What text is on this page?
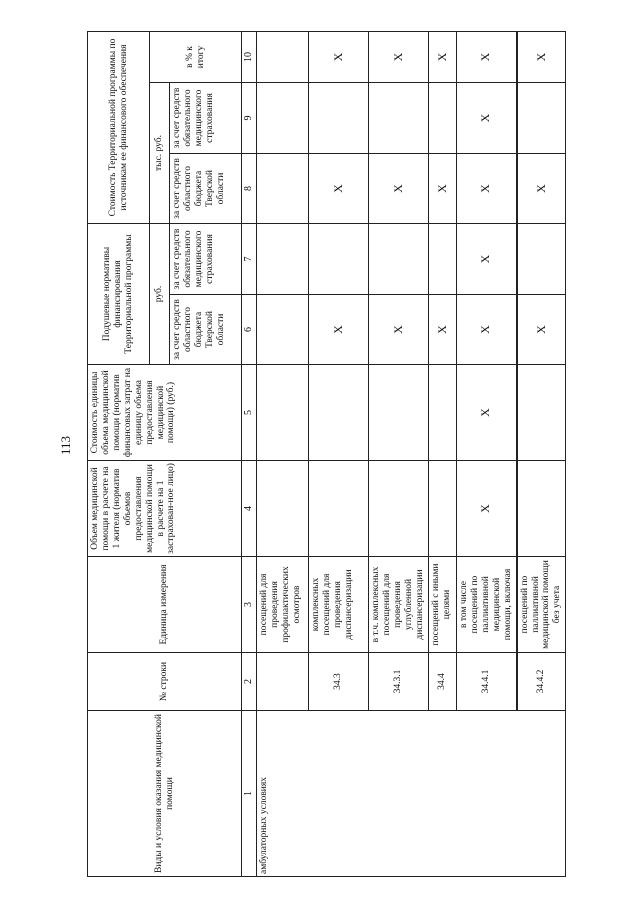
113
Виды и условия оказания медицинской помощи	№ строки	Единица измерения	Объем медицинской помощи в расчете на 1 жителя (норматив объемов предоставления медицинской помощи в расчете на 1 застрахован-ное лицо)	Стоимость единицы объема медицинской помощи (норматив финансовых затрат на единицу объема предоставления медицинской помощи) (руб.)	Подушевые нормативы финансирования Территориальной программы		Стоимость Территориальной программы по источникам ее финансового обеспечения		
					руб.		тыс. руб.		в % к итогу
					за счет средств областного бюджета Тверской области	за счет средств обязательного медицинского страхования	за счет средств областного бюджета Тверской области	за счет средств обязательного медицинского страхования	
1	2	3	4	5	6	7	8	9	10
амбулаторных условиях		посещений для проведения профилактических осмотров							
	34.3	комплексных посещений для проведения диспансеризации			X		X		X
	34.3.1	в т.ч. комплексных посещений для проведения углубленной диспансеризации			X		X		X
	34.4	посещений с иными целями			X		X		X
	34.4.1	в том числе посещений по паллиативной медицинской помощи, включая	X	X	X	X	X	X	X
	34.4.2	посещений по паллиативной медицинской помощи без учета			X		X		X
